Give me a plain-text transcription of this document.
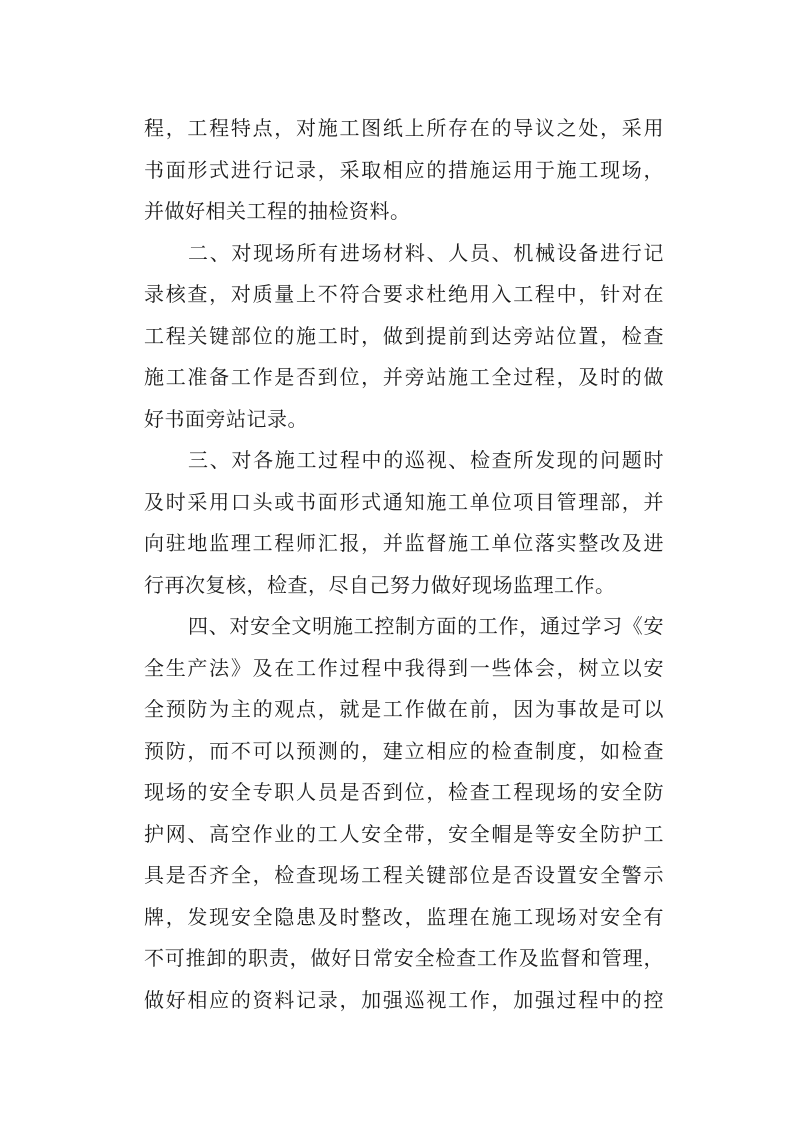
程，工程特点，对施工图纸上所存在的导议之处，采用
书面形式进行记录，采取相应的措施运用于施工现场，
并做好相关工程的抽检资料。
二、对现场所有进场材料、人员、机械设备进行记
录核查，对质量上不符合要求杜绝用入工程中，针对在
工程关键部位的施工时，做到提前到达旁站位置，检查
施工准备工作是否到位，并旁站施工全过程，及时的做
好书面旁站记录。
三、对各施工过程中的巡视、检查所发现的问题时
及时采用口头或书面形式通知施工单位项目管理部，并
向驻地监理工程师汇报，并监督施工单位落实整改及进
行再次复核，检查，尽自己努力做好现场监理工作。
四、对安全文明施工控制方面的工作，通过学习《安
全生产法》及在工作过程中我得到一些体会，树立以安
全预防为主的观点，就是工作做在前，因为事故是可以
预防，而不可以预测的，建立相应的检查制度，如检查
现场的安全专职人员是否到位，检查工程现场的安全防
护网、高空作业的工人安全带，安全帽是等安全防护工
具是否齐全，检查现场工程关键部位是否设置安全警示
牌，发现安全隐患及时整改，监理在施工现场对安全有
不可推卸的职责，做好日常安全检查工作及监督和管理，
做好相应的资料记录，加强巡视工作，加强过程中的控
